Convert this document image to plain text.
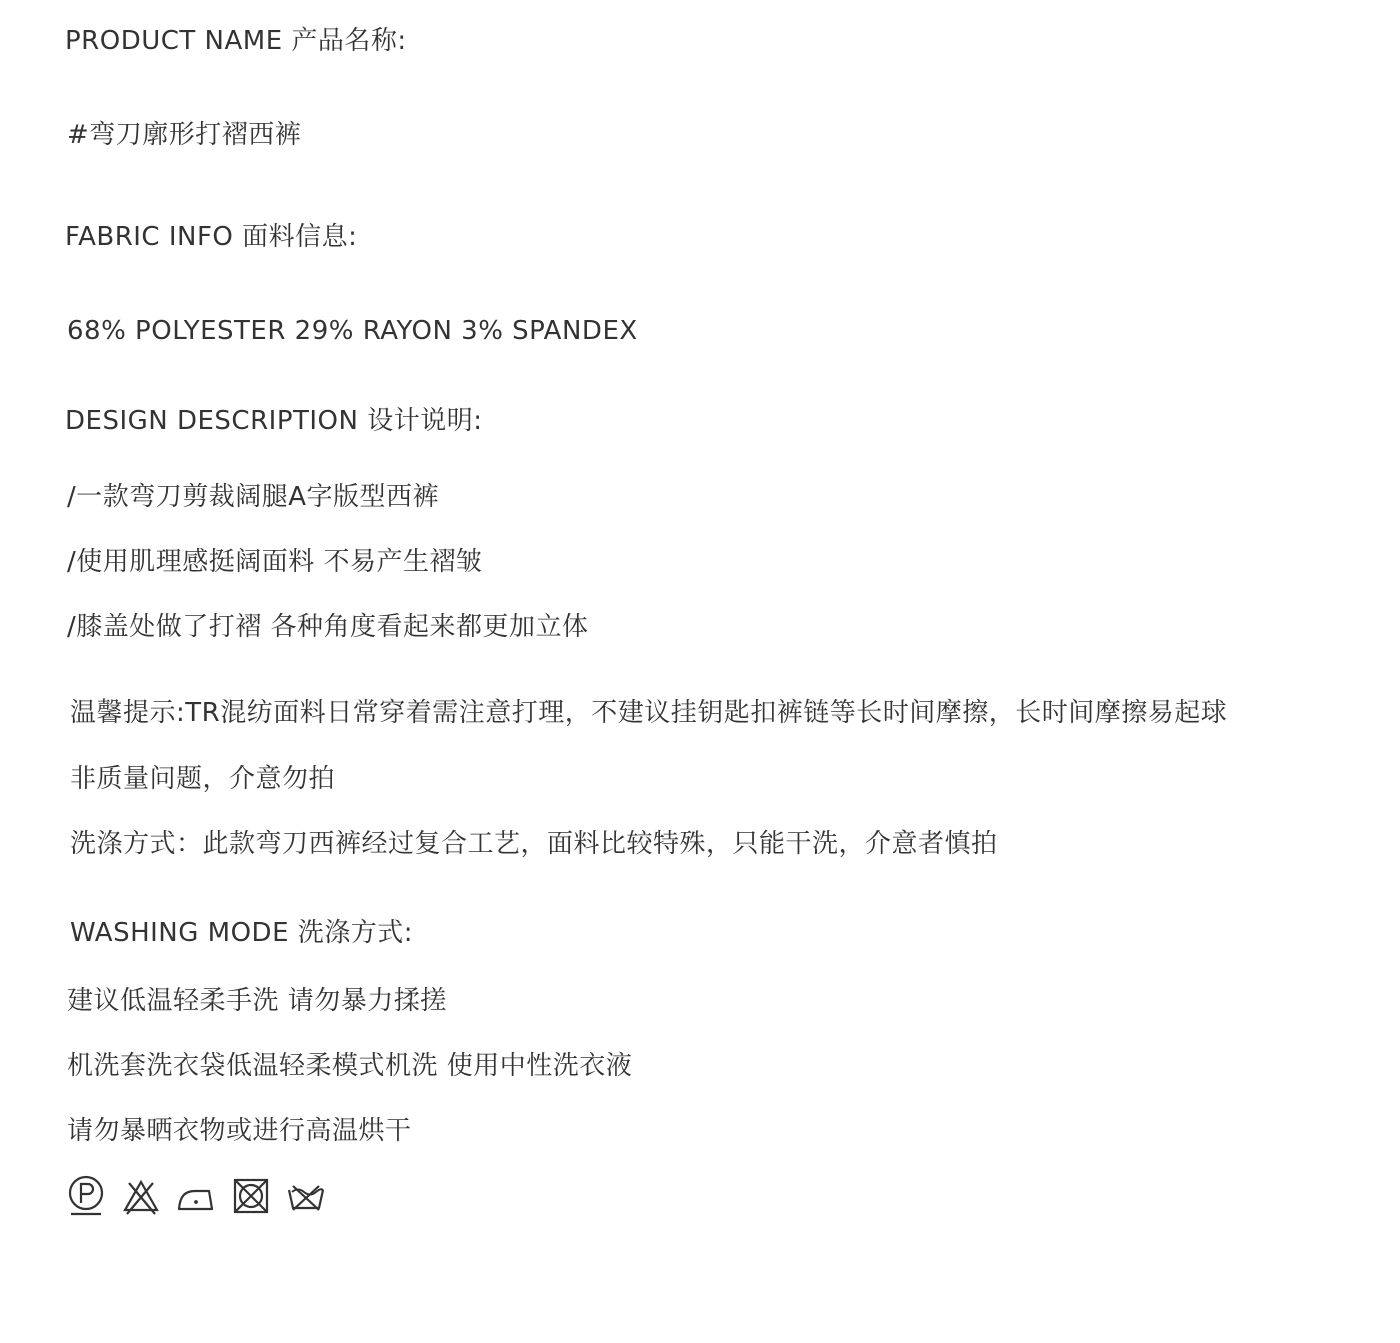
PRODUCT NAME 产品名称:
#弯刀廓形打褶西裤
FABRIC INFO 面料信息:
68% POLYESTER 29% RAYON 3% SPANDEX
DESIGN DESCRIPTION 设计说明:
/一款弯刀剪裁阔腿A字版型西裤
/使用肌理感挺阔面料 不易产生褶皱
/膝盖处做了打褶 各种角度看起来都更加立体
温馨提示:TR混纺面料日常穿着需注意打理，不建议挂钥匙扣裤链等长时间摩擦，长时间摩擦易起球
非质量问题，介意勿拍
洗涤方式：此款弯刀西裤经过复合工艺，面料比较特殊，只能干洗，介意者慎拍
WASHING MODE 洗涤方式:
建议低温轻柔手洗 请勿暴力揉搓
机洗套洗衣袋低温轻柔模式机洗 使用中性洗衣液
请勿暴晒衣物或进行高温烘干
